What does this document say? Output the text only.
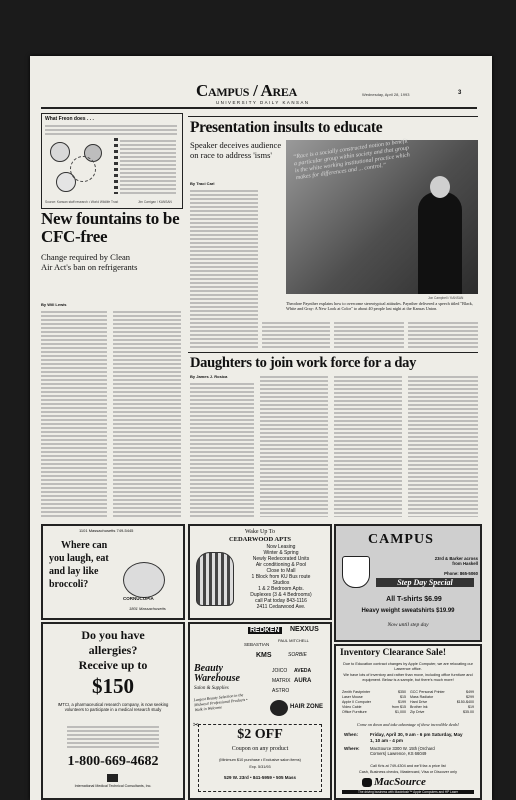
Wednesday, April 28, 1993	3
Campus / Area
UNIVERSITY DAILY KANSAN
What Freon does . . .
Source: Kansan staff research • World Wildlife Trust	Jim Carrigan / KANSAN
New fountains to be CFC-free
Change required by Clean Air Act's ban on refrigerants
By Will Lewis
Presentation insults to educate
Speaker deceives audience on race to address 'isms'
By Traci Carl
“Race is a socially constructed notion to benefit a particular group within society and that group is the white working institutional practice which makes for differences and ... control.”
Jon Campbell / KANSAN
Theodore Paynther explains how to overcome stereotypical attitudes. Paynther delivered a speech titled "Black, White and Gray: A New Look at Color" to about 40 people last night at the Kansas Union.
Daughters to join work force for a day
By James J. Rosica
1101 Massachusetts 749-5445
Where can
you laugh, eat
and lay like
broccoli?
CORNUCOPIA
1801 Massachusetts
Do you have
allergies?
Receive up to
$150
IMTCI, a pharmaceutical research company, is now seeking volunteers to participate in a medical research study
1-800-669-4682
International Medical Technical Consultants, Inc.
Wake Up To
CEDARWOOD APTS
Now Leasing
Winter & Spring
Newly Redecorated Units
Air conditioning & Pool
Close to Mall
1 Block from KU Bus route
Studios
1 & 2 Bedroom Apts.
Duplexes (3 & 4 Bedrooms)
call Pat today 843-1116
2411 Cedarwood Ave.
CAMPUS
23rd & Barker across from Haskell
Phone: 865-5060
Step Day Special
All T-shirts $6.99
Heavy weight sweatshirts $19.99
Now until step day
REDKEN NEXXUS
PAUL MITCHELL
SEBASTIAN
KMS	SORBIE
Beauty Warehouse
Salon & Supplies
Largest Beauty Selection in the Midwest! Professional Products • Walk in Welcome
JOICO AVEDA
MATRIX AURA
ASTRO
HAIR ZONE
✂
$2 OFF
Coupon on any product
(Minimum $10 purchase • Exclusive salon items)
Exp. 5/31/93
529 W. 23rd • 841-5959 • 505 Mass
Inventory Clearance Sale!
Due to Education contract changes by Apple Computer, we are relocating our Lawrence office.
We have lots of inventory and rather than move, including office furniture and equipment. Below is a sample, but there's much more!
Zenith Fastprinter	$350
Laser Mouse	$15
Apple II Computer	$199
Video Cable	from $15
Office Furniture	$1,000
GCC Personal Printer	$499
Mass Radiator	$299
Hard Drive	$150-$400
Brother Ink	$19
Zip Drive	$35.00
Come on down and take advantage of these incredible deals!
When:	Friday, April 30, 9 am - 6 pm Saturday, May 1, 10 am - 4 pm
Where: MacSource 3300 W. 15th (Orchard Corners) Lawrence, KS 66049
Call Kris at 749-4304 and we'll fax a price list
Cash, Business checks, Mastercard, Visa or Discover only
MacSource
The driving business with Macintosh™ Apple Computers and HP Laser
